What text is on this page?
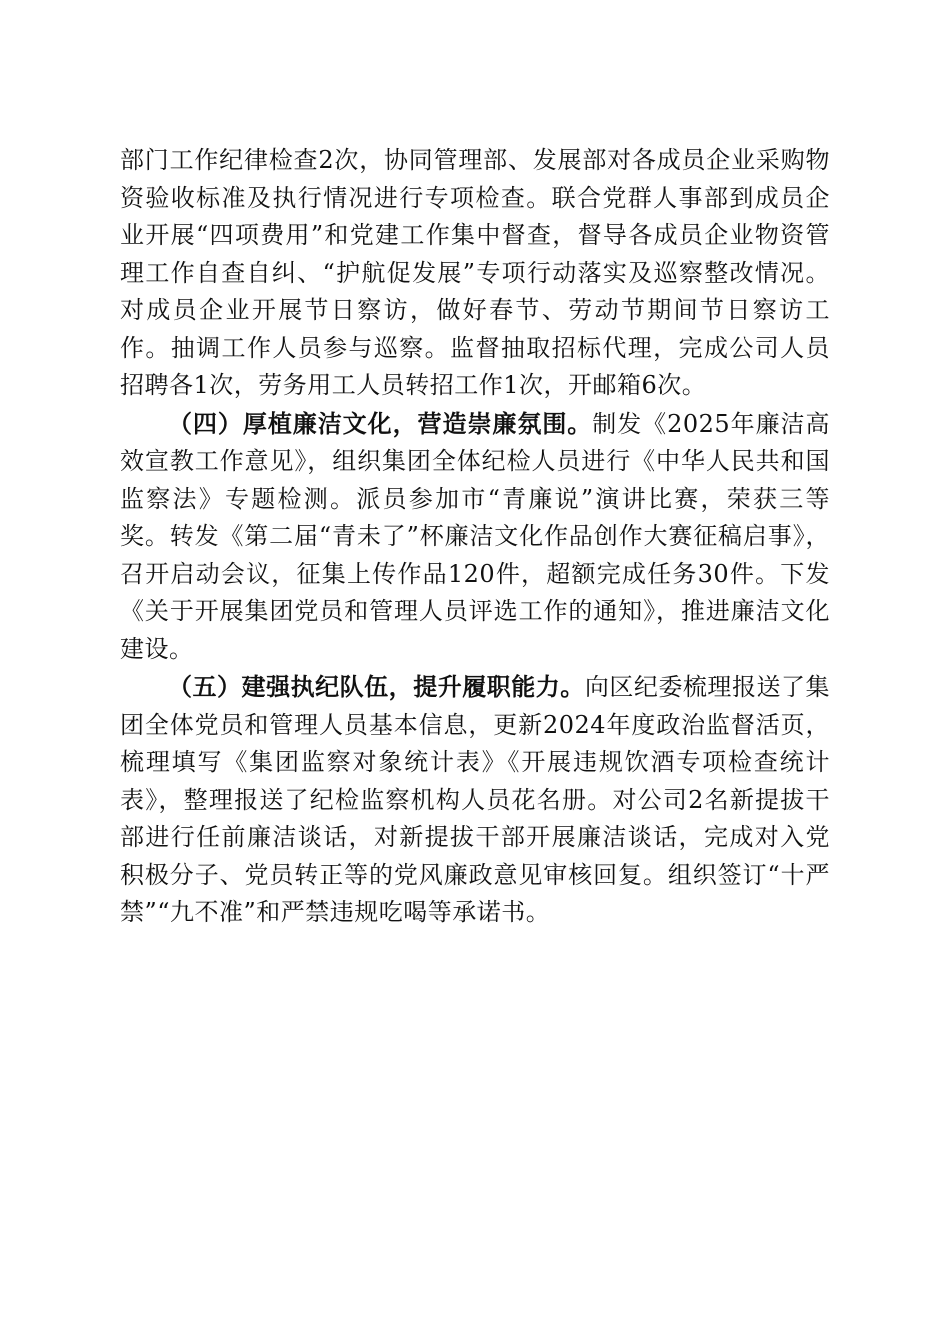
部门工作纪律检查2次，协同管理部、发展部对各成员企业采购物资验收标准及执行情况进行专项检查。联合党群人事部到成员企业开展“四项费用”和党建工作集中督查，督导各成员企业物资管理工作自查自纠、“护航促发展”专项行动落实及巡察整改情况。对成员企业开展节日察访，做好春节、劳动节期间节日察访工作。抽调工作人员参与巡察。监督抽取招标代理，完成公司人员招聘各1次，劳务用工人员转招工作1次，开邮箱6次。

（四）厚植廉洁文化，营造崇廉氛围。制发《2025年廉洁高效宣教工作意见》，组织集团全体纪检人员进行《中华人民共和国监察法》专题检测。派员参加市“青廉说”演讲比赛，荣获三等奖。转发《第二届“青未了”杯廉洁文化作品创作大赛征稿启事》，召开启动会议，征集上传作品120件，超额完成任务30件。下发《关于开展集团党员和管理人员评选工作的通知》，推进廉洁文化建设。

（五）建强执纪队伍，提升履职能力。向区纪委梳理报送了集团全体党员和管理人员基本信息，更新2024年度政治监督活页，梳理填写《集团监察对象统计表》《开展违规饮酒专项检查统计表》，整理报送了纪检监察机构人员花名册。对公司2名新提拔干部进行任前廉洁谈话，对新提拔干部开展廉洁谈话，完成对入党积极分子、党员转正等的党风廉政意见审核回复。组织签订“十严禁”“九不准”和严禁违规吃喝等承诺书。
